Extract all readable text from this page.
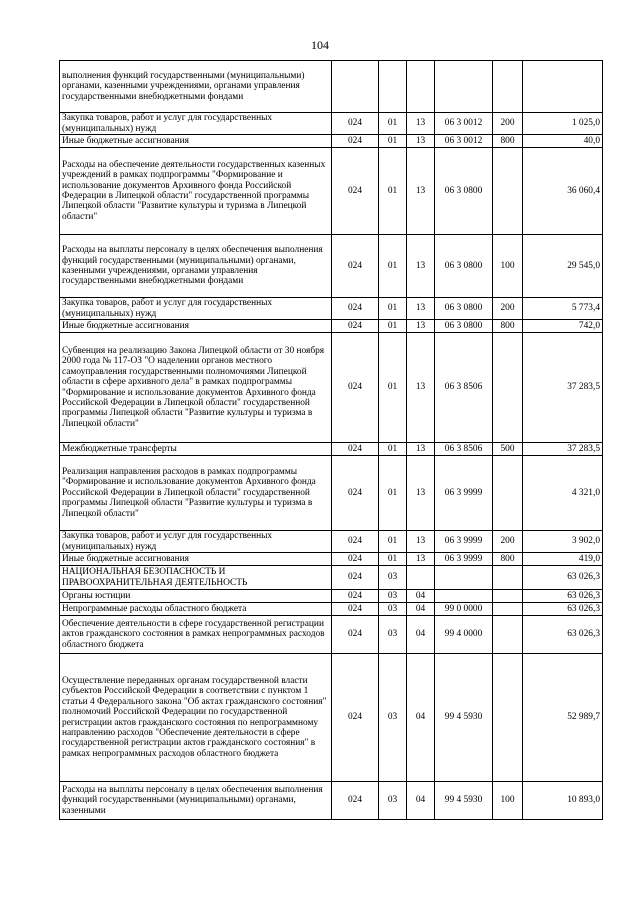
104
выполнения функций государственными (муниципальными) органами, казенными учреждениями, органами управления государственными внебюджетными фондами						
Закупка товаров, работ и услуг для государственных (муниципальных) нужд	024	01	13	06 3 0012	200	1 025,0
Иные бюджетные ассигнования	024	01	13	06 3 0012	800	40,0
Расходы на обеспечение деятельности государственных казенных учреждений в рамках подпрограммы "Формирование и использование документов Архивного фонда Российской Федерации в Липецкой области" государственной программы Липецкой области "Развитие культуры и туризма в Липецкой области"	024	01	13	06 3 0800		36 060,4
Расходы на выплаты персоналу в целях обеспечения выполнения функций государственными (муниципальными) органами, казенными учреждениями, органами управления государственными внебюджетными фондами	024	01	13	06 3 0800	100	29 545,0
Закупка товаров, работ и услуг для государственных (муниципальных) нужд	024	01	13	06 3 0800	200	5 773,4
Иные бюджетные ассигнования	024	01	13	06 3 0800	800	742,0
Субвенция на реализацию Закона Липецкой области от 30 ноября 2000 года № 117-ОЗ "О наделении органов местного самоуправления государственными полномочиями Липецкой области в сфере архивного дела" в рамках подпрограммы "Формирование и использование документов Архивного фонда Российской Федерации в Липецкой области" государственной программы Липецкой области "Развитие культуры и туризма в Липецкой области"	024	01	13	06 3 8506		37 283,5
Межбюджетные трансферты	024	01	13	06 3 8506	500	37 283,5
Реализация направления расходов в рамках подпрограммы "Формирование и использование документов Архивного фонда Российской Федерации в Липецкой области" государственной программы Липецкой области "Развитие культуры и туризма в Липецкой области"	024	01	13	06 3 9999		4 321,0
Закупка товаров, работ и услуг для государственных (муниципальных) нужд	024	01	13	06 3 9999	200	3 902,0
Иные бюджетные ассигнования	024	01	13	06 3 9999	800	419,0
НАЦИОНАЛЬНАЯ БЕЗОПАСНОСТЬ И ПРАВООХРАНИТЕЛЬНАЯ ДЕЯТЕЛЬНОСТЬ	024	03				63 026,3
Органы юстиции	024	03	04			63 026,3
Непрограммные расходы областного бюджета	024	03	04	99 0 0000		63 026,3
Обеспечение деятельности в сфере государственной регистрации актов гражданского состояния в рамках непрограммных расходов областного бюджета	024	03	04	99 4 0000		63 026,3
Осуществление переданных органам государственной власти субъектов Российской Федерации в соответствии с пунктом 1 статьи 4 Федерального закона "Об актах гражданского состояния" полномочий Российской Федерации по государственной регистрации актов гражданского состояния по непрограммному направлению расходов "Обеспечение деятельности в сфере государственной регистрации актов гражданского состояния" в рамках непрограммных расходов областного бюджета	024	03	04	99 4 5930		52 989,7
Расходы на выплаты персоналу в целях обеспечения выполнения функций государственными (муниципальными) органами, казенными	024	03	04	99 4 5930	100	10 893,0
